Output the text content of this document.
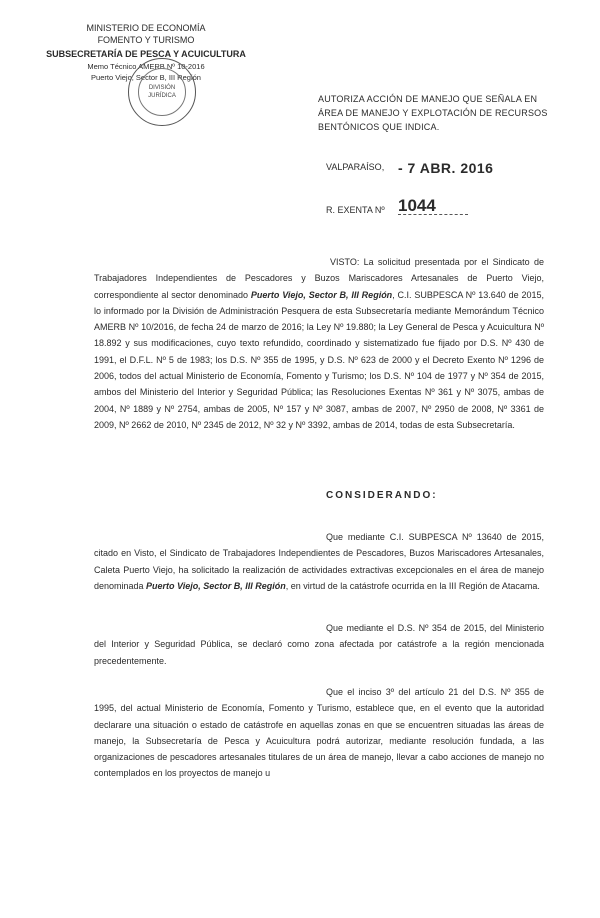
MINISTERIO DE ECONOMÍA
FOMENTO Y TURISMO
SUBSECRETARÍA DE PESCA Y ACUICULTURA
Memo Técnico AMERB Nº 10-2016
Puerto Viejo, Sector B, III Región
DIVISIÓN JURÍDICA	AUTORIZA ACCIÓN DE MANEJO QUE SEÑALA EN ÁREA DE MANEJO Y EXPLOTACIÓN DE RECURSOS BENTÓNICOS QUE INDICA.
VALPARAÍSO, - 7 ABR. 2016
R. EXENTA Nº 1044
VISTO: La solicitud presentada por el Sindicato de Trabajadores Independientes de Pescadores y Buzos Mariscadores Artesanales de Puerto Viejo, correspondiente al sector denominado Puerto Viejo, Sector B, III Región, C.I. SUBPESCA Nº 13.640 de 2015, lo informado por la División de Administración Pesquera de esta Subsecretaría mediante Memorándum Técnico AMERB Nº 10/2016, de fecha 24 de marzo de 2016; la Ley Nº 19.880; la Ley General de Pesca y Acuicultura Nº 18.892 y sus modificaciones, cuyo texto refundido, coordinado y sistematizado fue fijado por D.S. Nº 430 de 1991, el D.F.L. Nº 5 de 1983; los D.S. Nº 355 de 1995, y D.S. Nº 623 de 2000 y el Decreto Exento Nº 1296 de 2006, todos del actual Ministerio de Economía, Fomento y Turismo; los D.S. Nº 104 de 1977 y Nº 354 de 2015, ambos del Ministerio del Interior y Seguridad Pública; las Resoluciones Exentas Nº 361 y Nº 3075, ambas de 2004, Nº 1889 y Nº 2754, ambas de 2005, Nº 157 y Nº 3087, ambas de 2007, Nº 2950 de 2008, Nº 3361 de 2009, Nº 2662 de 2010, Nº 2345 de 2012, Nº 32 y Nº 3392, ambas de 2014, todas de esta Subsecretaría.
CONSIDERANDO:
Que mediante C.I. SUBPESCA Nº 13640 de 2015, citado en Visto, el Sindicato de Trabajadores Independientes de Pescadores, Buzos Mariscadores Artesanales, Caleta Puerto Viejo, ha solicitado la realización de actividades extractivas excepcionales en el área de manejo denominada Puerto Viejo, Sector B, III Región, en virtud de la catástrofe ocurrida en la III Región de Atacama.
Que mediante el D.S. Nº 354 de 2015, del Ministerio del Interior y Seguridad Pública, se declaró como zona afectada por catástrofe a la región mencionada precedentemente.
Que el inciso 3º del artículo 21 del D.S. Nº 355 de 1995, del actual Ministerio de Economía, Fomento y Turismo, establece que, en el evento que la autoridad declarare una situación o estado de catástrofe en aquellas zonas en que se encuentren situadas las áreas de manejo, la Subsecretaría de Pesca y Acuicultura podrá autorizar, mediante resolución fundada, a las organizaciones de pescadores artesanales titulares de un área de manejo, llevar a cabo acciones de manejo no contemplados en los proyectos de manejo u
